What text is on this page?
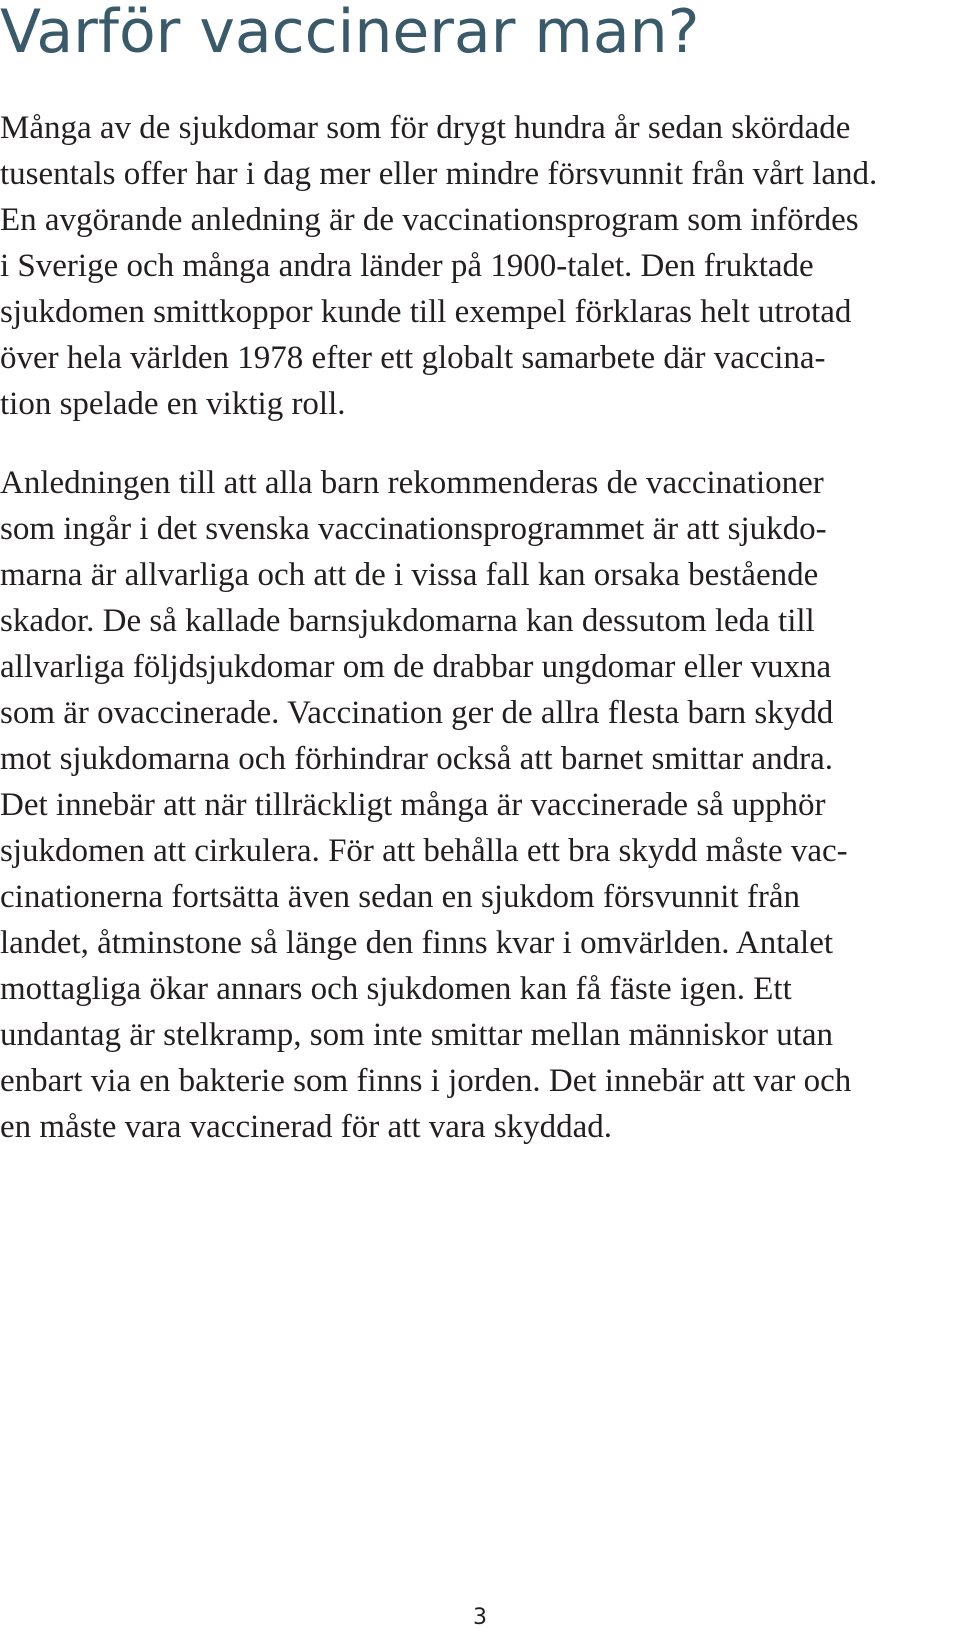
Varför vaccinerar man?

Många av de sjukdomar som för drygt hundra år sedan skördade
tusentals offer har i dag mer eller mindre försvunnit från vårt land.
En avgörande anledning är de vaccinationsprogram som infördes
i Sverige och många andra länder på 1900-talet. Den fruktade
sjukdomen smittkoppor kunde till exempel förklaras helt utrotad
över hela världen 1978 efter ett globalt samarbete där vaccina-
tion spelade en viktig roll.

Anledningen till att alla barn rekommenderas de vaccinationer
som ingår i det svenska vaccinationsprogrammet är att sjukdo-
marna är allvarliga och att de i vissa fall kan orsaka bestående
skador. De så kallade barnsjukdomarna kan dessutom leda till
allvarliga följdsjukdomar om de drabbar ungdomar eller vuxna
som är ovaccinerade. Vaccination ger de allra flesta barn skydd
mot sjukdomarna och förhindrar också att barnet smittar andra.
Det innebär att när tillräckligt många är vaccinerade så upphör
sjukdomen att cirkulera. För att behålla ett bra skydd måste vac-
cinationerna fortsätta även sedan en sjukdom försvunnit från
landet, åtminstone så länge den finns kvar i omvärlden. Antalet
mottagliga ökar annars och sjukdomen kan få fäste igen. Ett
undantag är stelkramp, som inte smittar mellan människor utan
enbart via en bakterie som finns i jorden. Det innebär att var och
en måste vara vaccinerad för att vara skyddad.

3
